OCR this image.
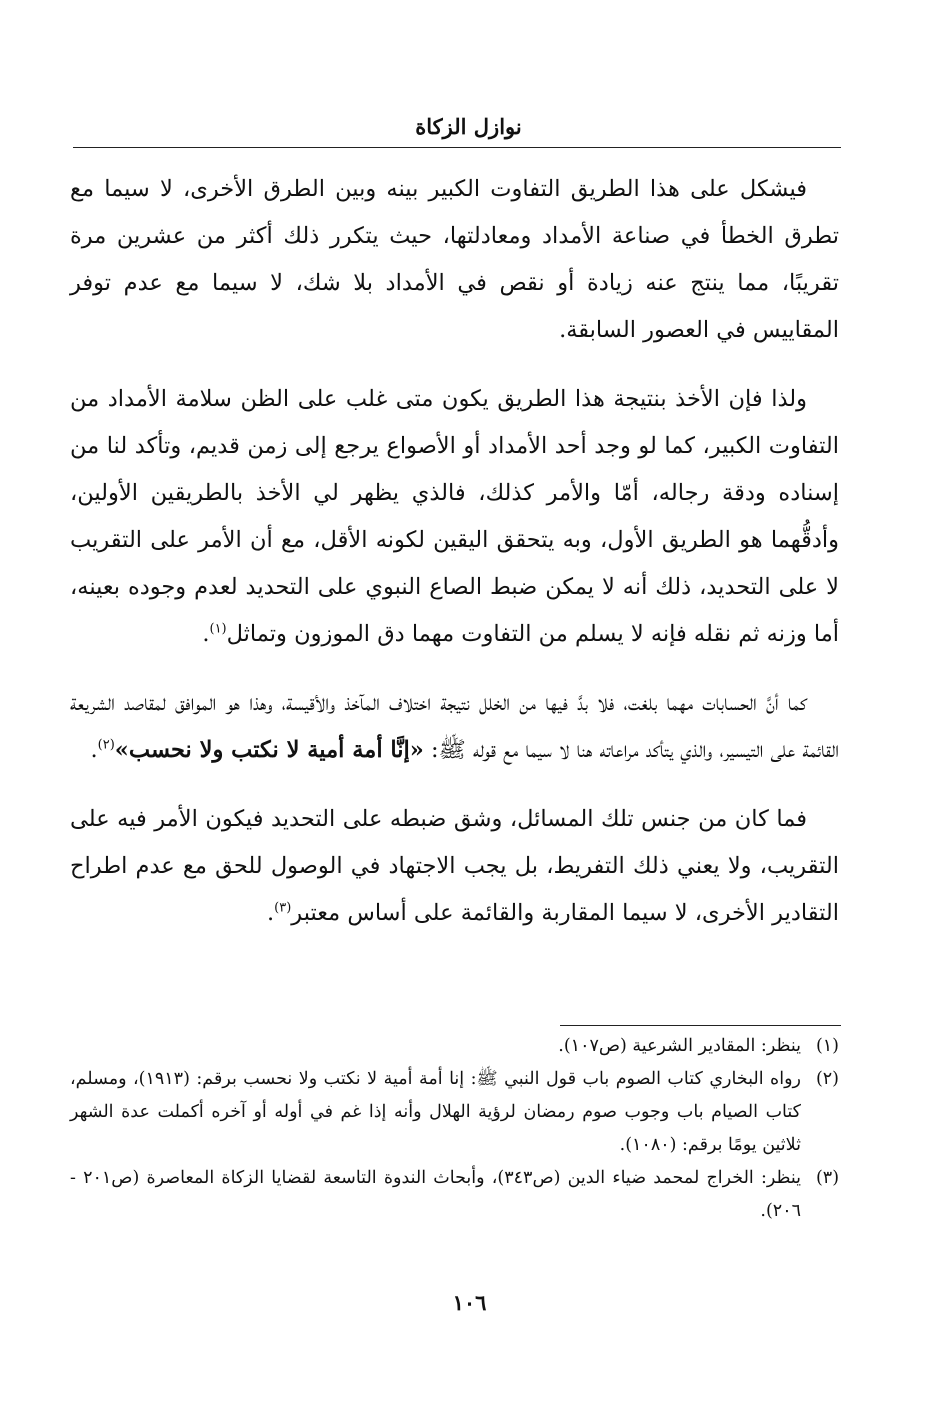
نوازل الزكاة

فيشكل على هذا الطريق التفاوت الكبير بينه وبين الطرق الأخرى، لا سيما مع تطرق الخطأ في صناعة الأمداد ومعادلتها، حيث يتكرر ذلك أكثر من عشرين مرة تقريبًا، مما ينتج عنه زيادة أو نقص في الأمداد بلا شك، لا سيما مع عدم توفر المقاييس في العصور السابقة.

ولذا فإن الأخذ بنتيجة هذا الطريق يكون متى غلب على الظن سلامة الأمداد من التفاوت الكبير، كما لو وجد أحد الأمداد أو الأصواع يرجع إلى زمن قديم، وتأكد لنا من إسناده ودقة رجاله، أمّا والأمر كذلك، فالذي يظهر لي الأخذ بالطريقين الأولين، وأدقُّهما هو الطريق الأول، وبه يتحقق اليقين لكونه الأقل، مع أن الأمر على التقريب لا على التحديد، ذلك أنه لا يمكن ضبط الصاع النبوي على التحديد لعدم وجوده بعينه، أما وزنه ثم نقله فإنه لا يسلم من التفاوت مهما دق الموزون وتماثل$^{(١)}$.

كما أنَّ الحسابات مهما بلغت، فلا بدَّ فيها من الخلل نتيجة اختلاف المآخذ والأقيسة، وهذا هو الموافق لمقاصد الشريعة القائمة على التيسير، والذي يتأكد مراعاته هنا لا سيما مع قوله ﷺ: «إنَّا أمة أمية لا نكتب ولا نحسب»$^{(٢)}$.

فما كان من جنس تلك المسائل، وشق ضبطه على التحديد فيكون الأمر فيه على التقريب، ولا يعني ذلك التفريط، بل يجب الاجتهاد في الوصول للحق مع عدم اطراح التقادير الأخرى، لا سيما المقاربة والقائمة على أساس معتبر$^{(٣)}$.

(١)ينظر: المقادير الشرعية (ص١٠٧).

(٢)رواه البخاري كتاب الصوم باب قول النبي ﷺ: إنا أمة أمية لا نكتب ولا نحسب برقم: (١٩١٣)، ومسلم، كتاب الصيام باب وجوب صوم رمضان لرؤية الهلال وأنه إذا غم في أوله أو آخره أكملت عدة الشهر ثلاثين يومًا برقم: (١٠٨٠).

(٣)ينظر: الخراج لمحمد ضياء الدين (ص٣٤٣)، وأبحاث الندوة التاسعة لقضايا الزكاة المعاصرة (ص٢٠١ - ٢٠٦).

١٠٦
